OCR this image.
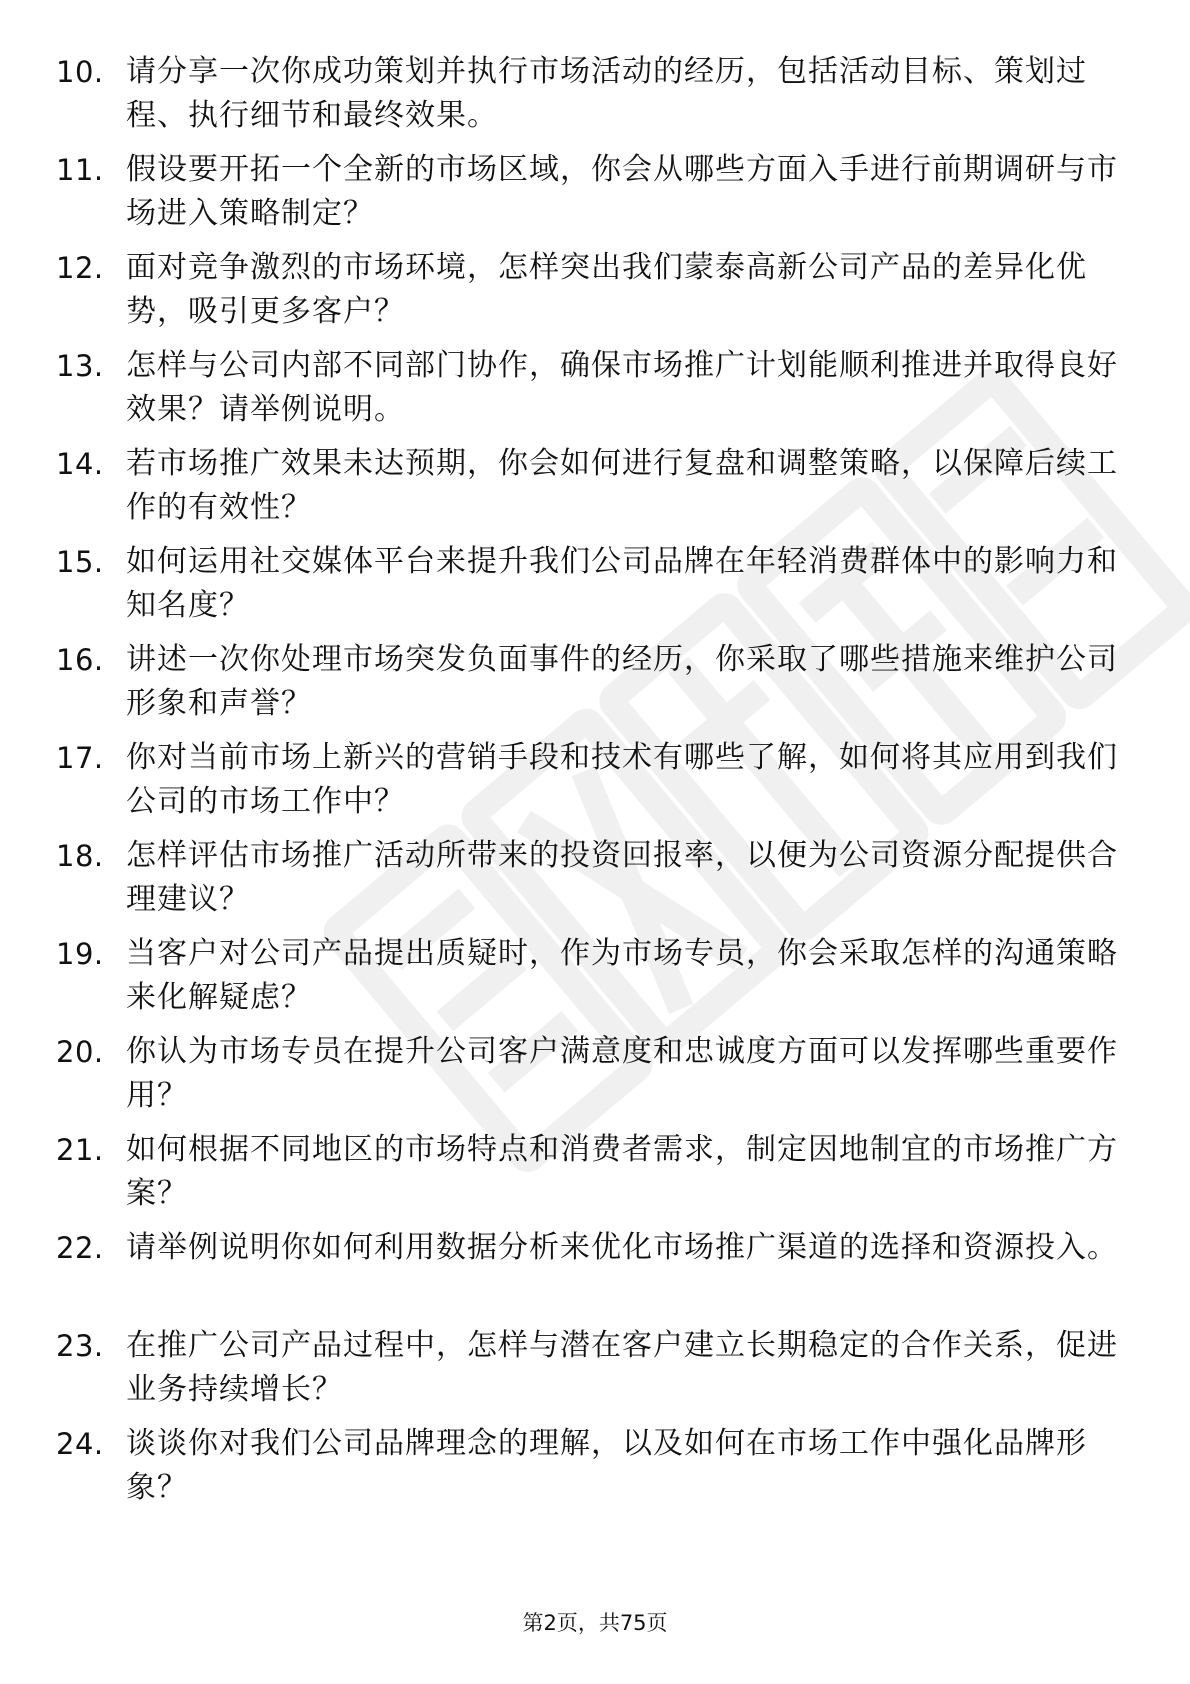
10. 请分享一次你成功策划并执行市场活动的经历，包括活动目标、策划过程、执行细节和最终效果。
11. 假设要开拓一个全新的市场区域，你会从哪些方面入手进行前期调研与市场进入策略制定？
12. 面对竞争激烈的市场环境，怎样突出我们蒙泰高新公司产品的差异化优势，吸引更多客户？
13. 怎样与公司内部不同部门协作，确保市场推广计划能顺利推进并取得良好效果？请举例说明。
14. 若市场推广效果未达预期，你会如何进行复盘和调整策略，以保障后续工作的有效性？
15. 如何运用社交媒体平台来提升我们公司品牌在年轻消费群体中的影响力和知名度？
16. 讲述一次你处理市场突发负面事件的经历，你采取了哪些措施来维护公司形象和声誉？
17. 你对当前市场上新兴的营销手段和技术有哪些了解，如何将其应用到我们公司的市场工作中？
18. 怎样评估市场推广活动所带来的投资回报率，以便为公司资源分配提供合理建议？
19. 当客户对公司产品提出质疑时，作为市场专员，你会采取怎样的沟通策略来化解疑虑？
20. 你认为市场专员在提升公司客户满意度和忠诚度方面可以发挥哪些重要作用？
21. 如何根据不同地区的市场特点和消费者需求，制定因地制宜的市场推广方案？
22. 请举例说明你如何利用数据分析来优化市场推广渠道的选择和资源投入。
23. 在推广公司产品过程中，怎样与潜在客户建立长期稳定的合作关系，促进业务持续增长？
24. 谈谈你对我们公司品牌理念的理解，以及如何在市场工作中强化品牌形象？
第2页，共75页
